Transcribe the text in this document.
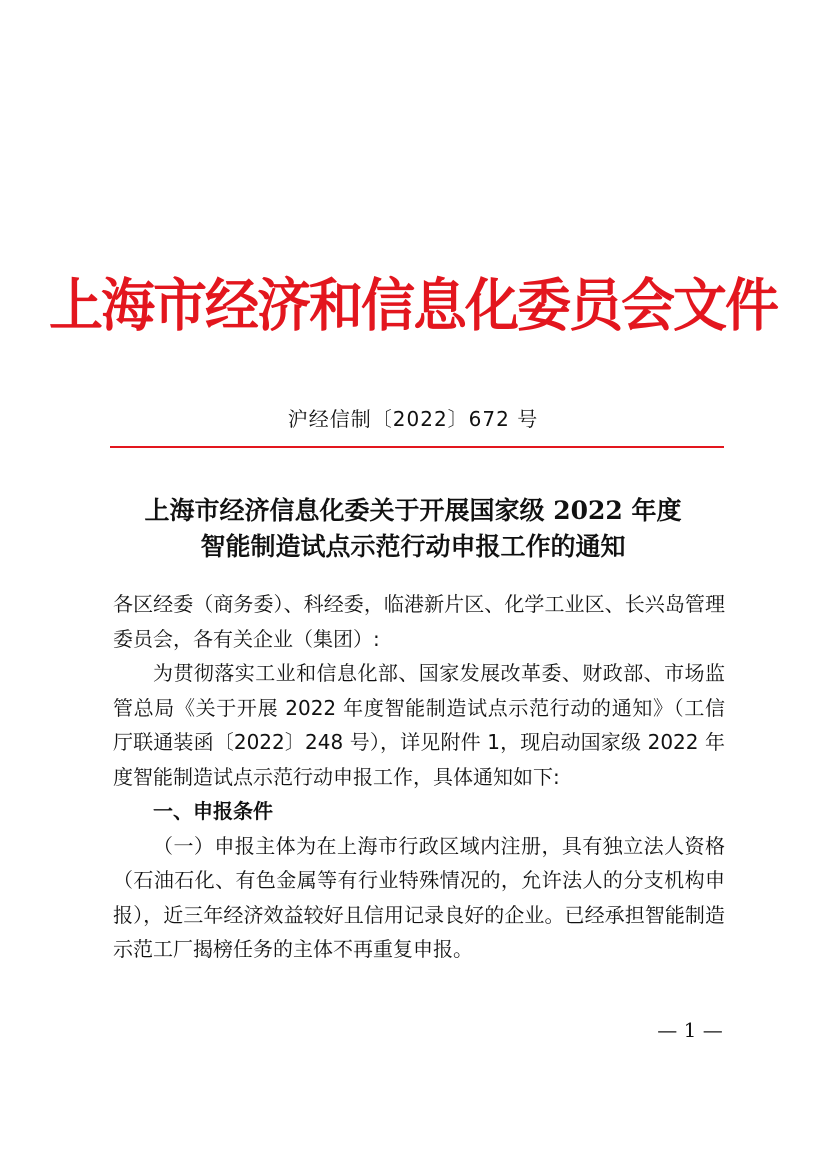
上海市经济和信息化委员会文件
沪经信制〔2022〕672 号
上海市经济信息化委关于开展国家级 2022 年度
智能制造试点示范行动申报工作的通知

各区经委（商务委）、科经委，临港新片区、化学工业区、长兴岛管理委员会，各有关企业（集团）:

为贯彻落实工业和信息化部、国家发展改革委、财政部、市场监管总局《关于开展 2022 年度智能制造试点示范行动的通知》（工信厅联通装函〔2022〕248 号），详见附件 1，现启动国家级 2022 年度智能制造试点示范行动申报工作，具体通知如下:

一、申报条件

（一）申报主体为在上海市行政区域内注册，具有独立法人资格（石油石化、有色金属等有行业特殊情况的，允许法人的分支机构申报），近三年经济效益较好且信用记录良好的企业。已经承担智能制造示范工厂揭榜任务的主体不再重复申报。

— 1 —
